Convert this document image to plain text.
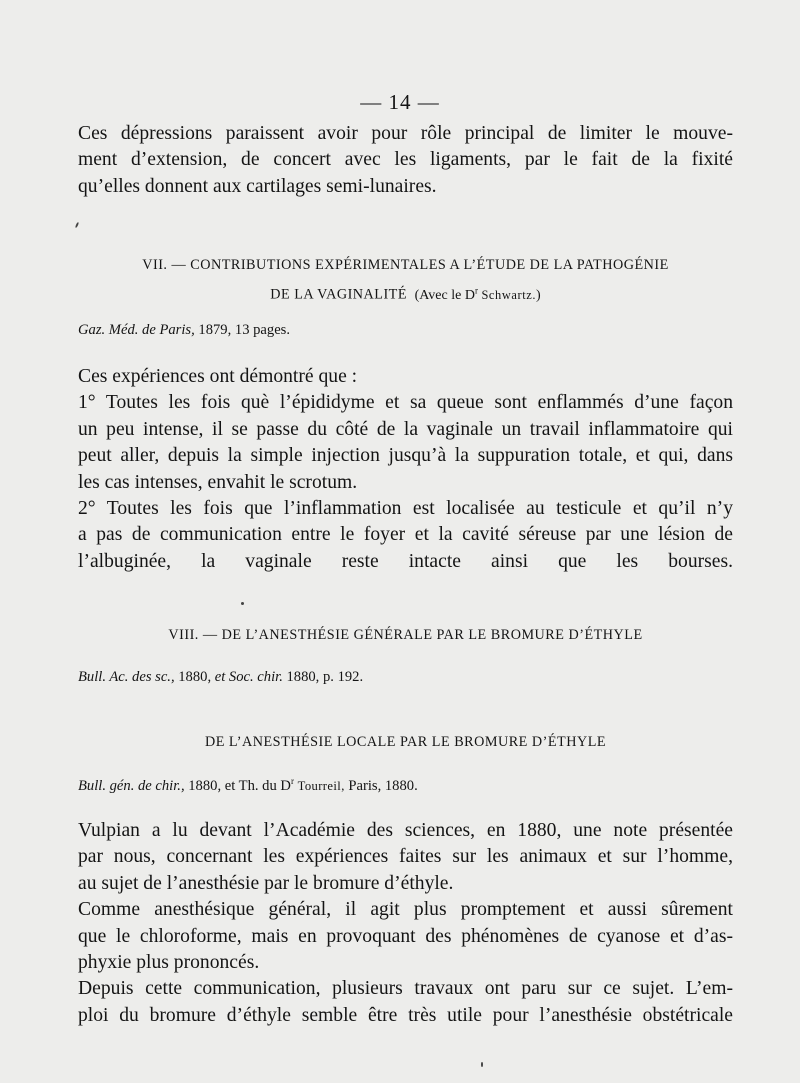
— 14 —
Ces dépressions paraissent avoir pour rôle principal de limiter le mouve-
ment d’extension, de concert avec les ligaments, par le fait de la fixité
qu’elles donnent aux cartilages semi-lunaires.
VII. — CONTRIBUTIONS EXPÉRIMENTALES A L’ÉTUDE DE LA PATHOGÉNIE
DE LA VAGINALITÉ (Avec le $D^r$ Schwartz.)
Gaz. Méd. de Paris, 1879, 13 pages.
Ces expériences ont démontré que :
1° Toutes les fois què l’épididyme et sa queue sont enflammés d’une façon
un peu intense, il se passe du côté de la vaginale un travail inflammatoire qui
peut aller, depuis la simple injection jusqu’à la suppuration totale, et qui, dans
les cas intenses, envahit le scrotum.
2° Toutes les fois que l’inflammation est localisée au testicule et qu’il n’y
a pas de communication entre le foyer et la cavité séreuse par une lésion de
l’albuginée, la vaginale reste intacte ainsi que les bourses.
VIII. — DE L’ANESTHÉSIE GÉNÉRALE PAR LE BROMURE D’ÉTHYLE
Bull. Ac. des sc., 1880, et Soc. chir. 1880, p. 192.
DE L’ANESTHÉSIE LOCALE PAR LE BROMURE D’ÉTHYLE
Bull. gén. de chir., 1880, et Th. du $D^r$ Tourreil, Paris, 1880.
Vulpian a lu devant l’Académie des sciences, en 1880, une note présentée
par nous, concernant les expériences faites sur les animaux et sur l’homme,
au sujet de l’anesthésie par le bromure d’éthyle.
Comme anesthésique général, il agit plus promptement et aussi sûrement
que le chloroforme, mais en provoquant des phénomènes de cyanose et d’as-
phyxie plus prononcés.
Depuis cette communication, plusieurs travaux ont paru sur ce sujet. L’em-
ploi du bromure d’éthyle semble être très utile pour l’anesthésie obstétricale
